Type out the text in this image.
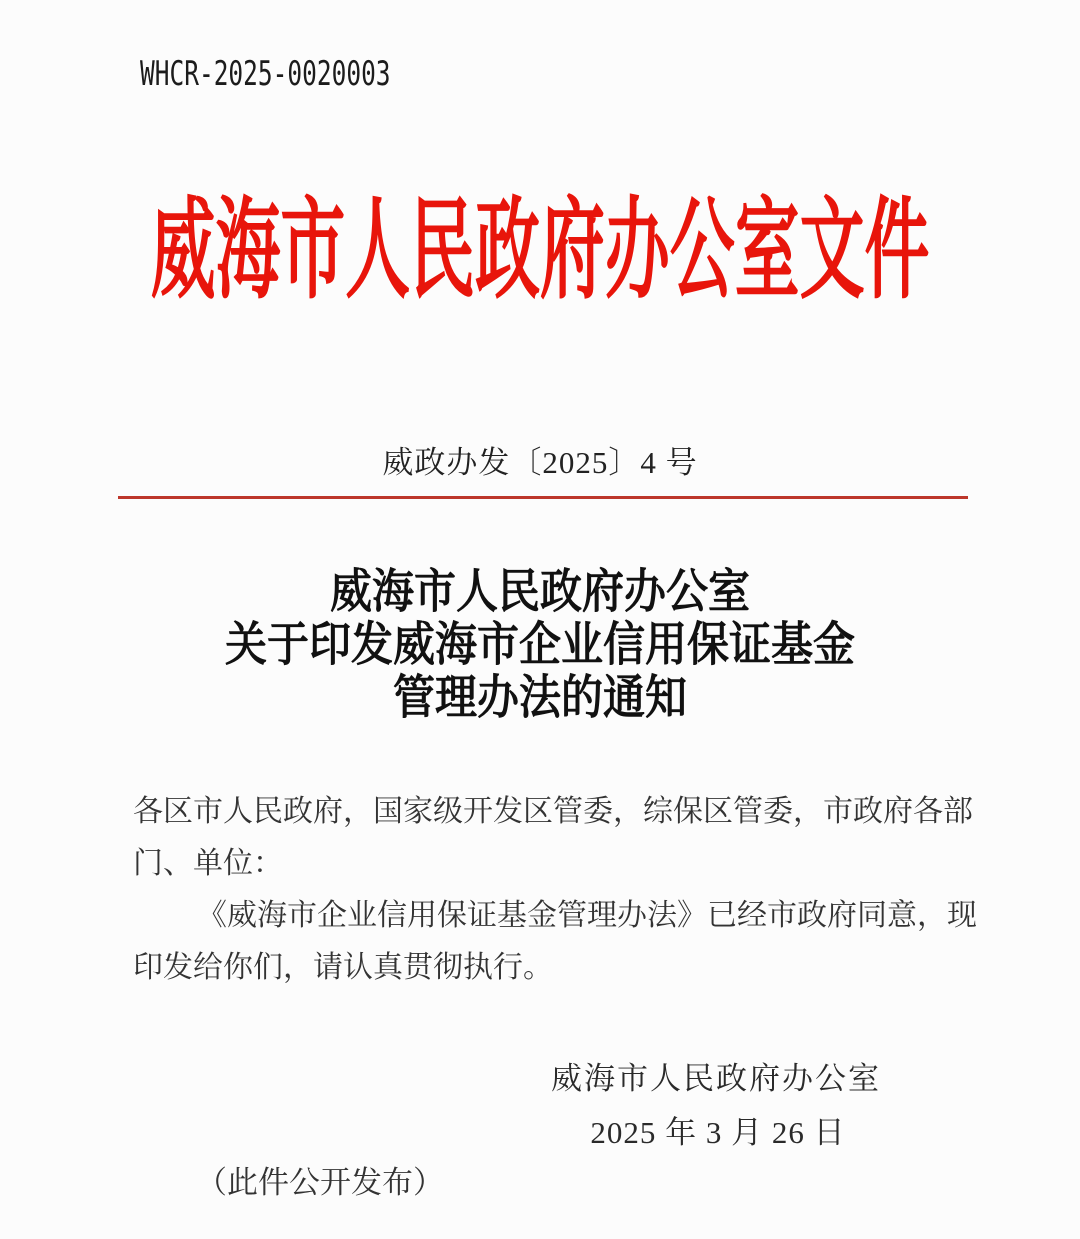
WHCR-2025-0020003
威海市人民政府办公室文件
威政办发〔2025〕4 号
威海市人民政府办公室
关于印发威海市企业信用保证基金
管理办法的通知

各区市人民政府，国家级开发区管委，综保区管委，市政府各部
门、单位：

《威海市企业信用保证基金管理办法》已经市政府同意，现
印发给你们，请认真贯彻执行。

威海市人民政府办公室
2025 年 3 月 26 日
（此件公开发布）
